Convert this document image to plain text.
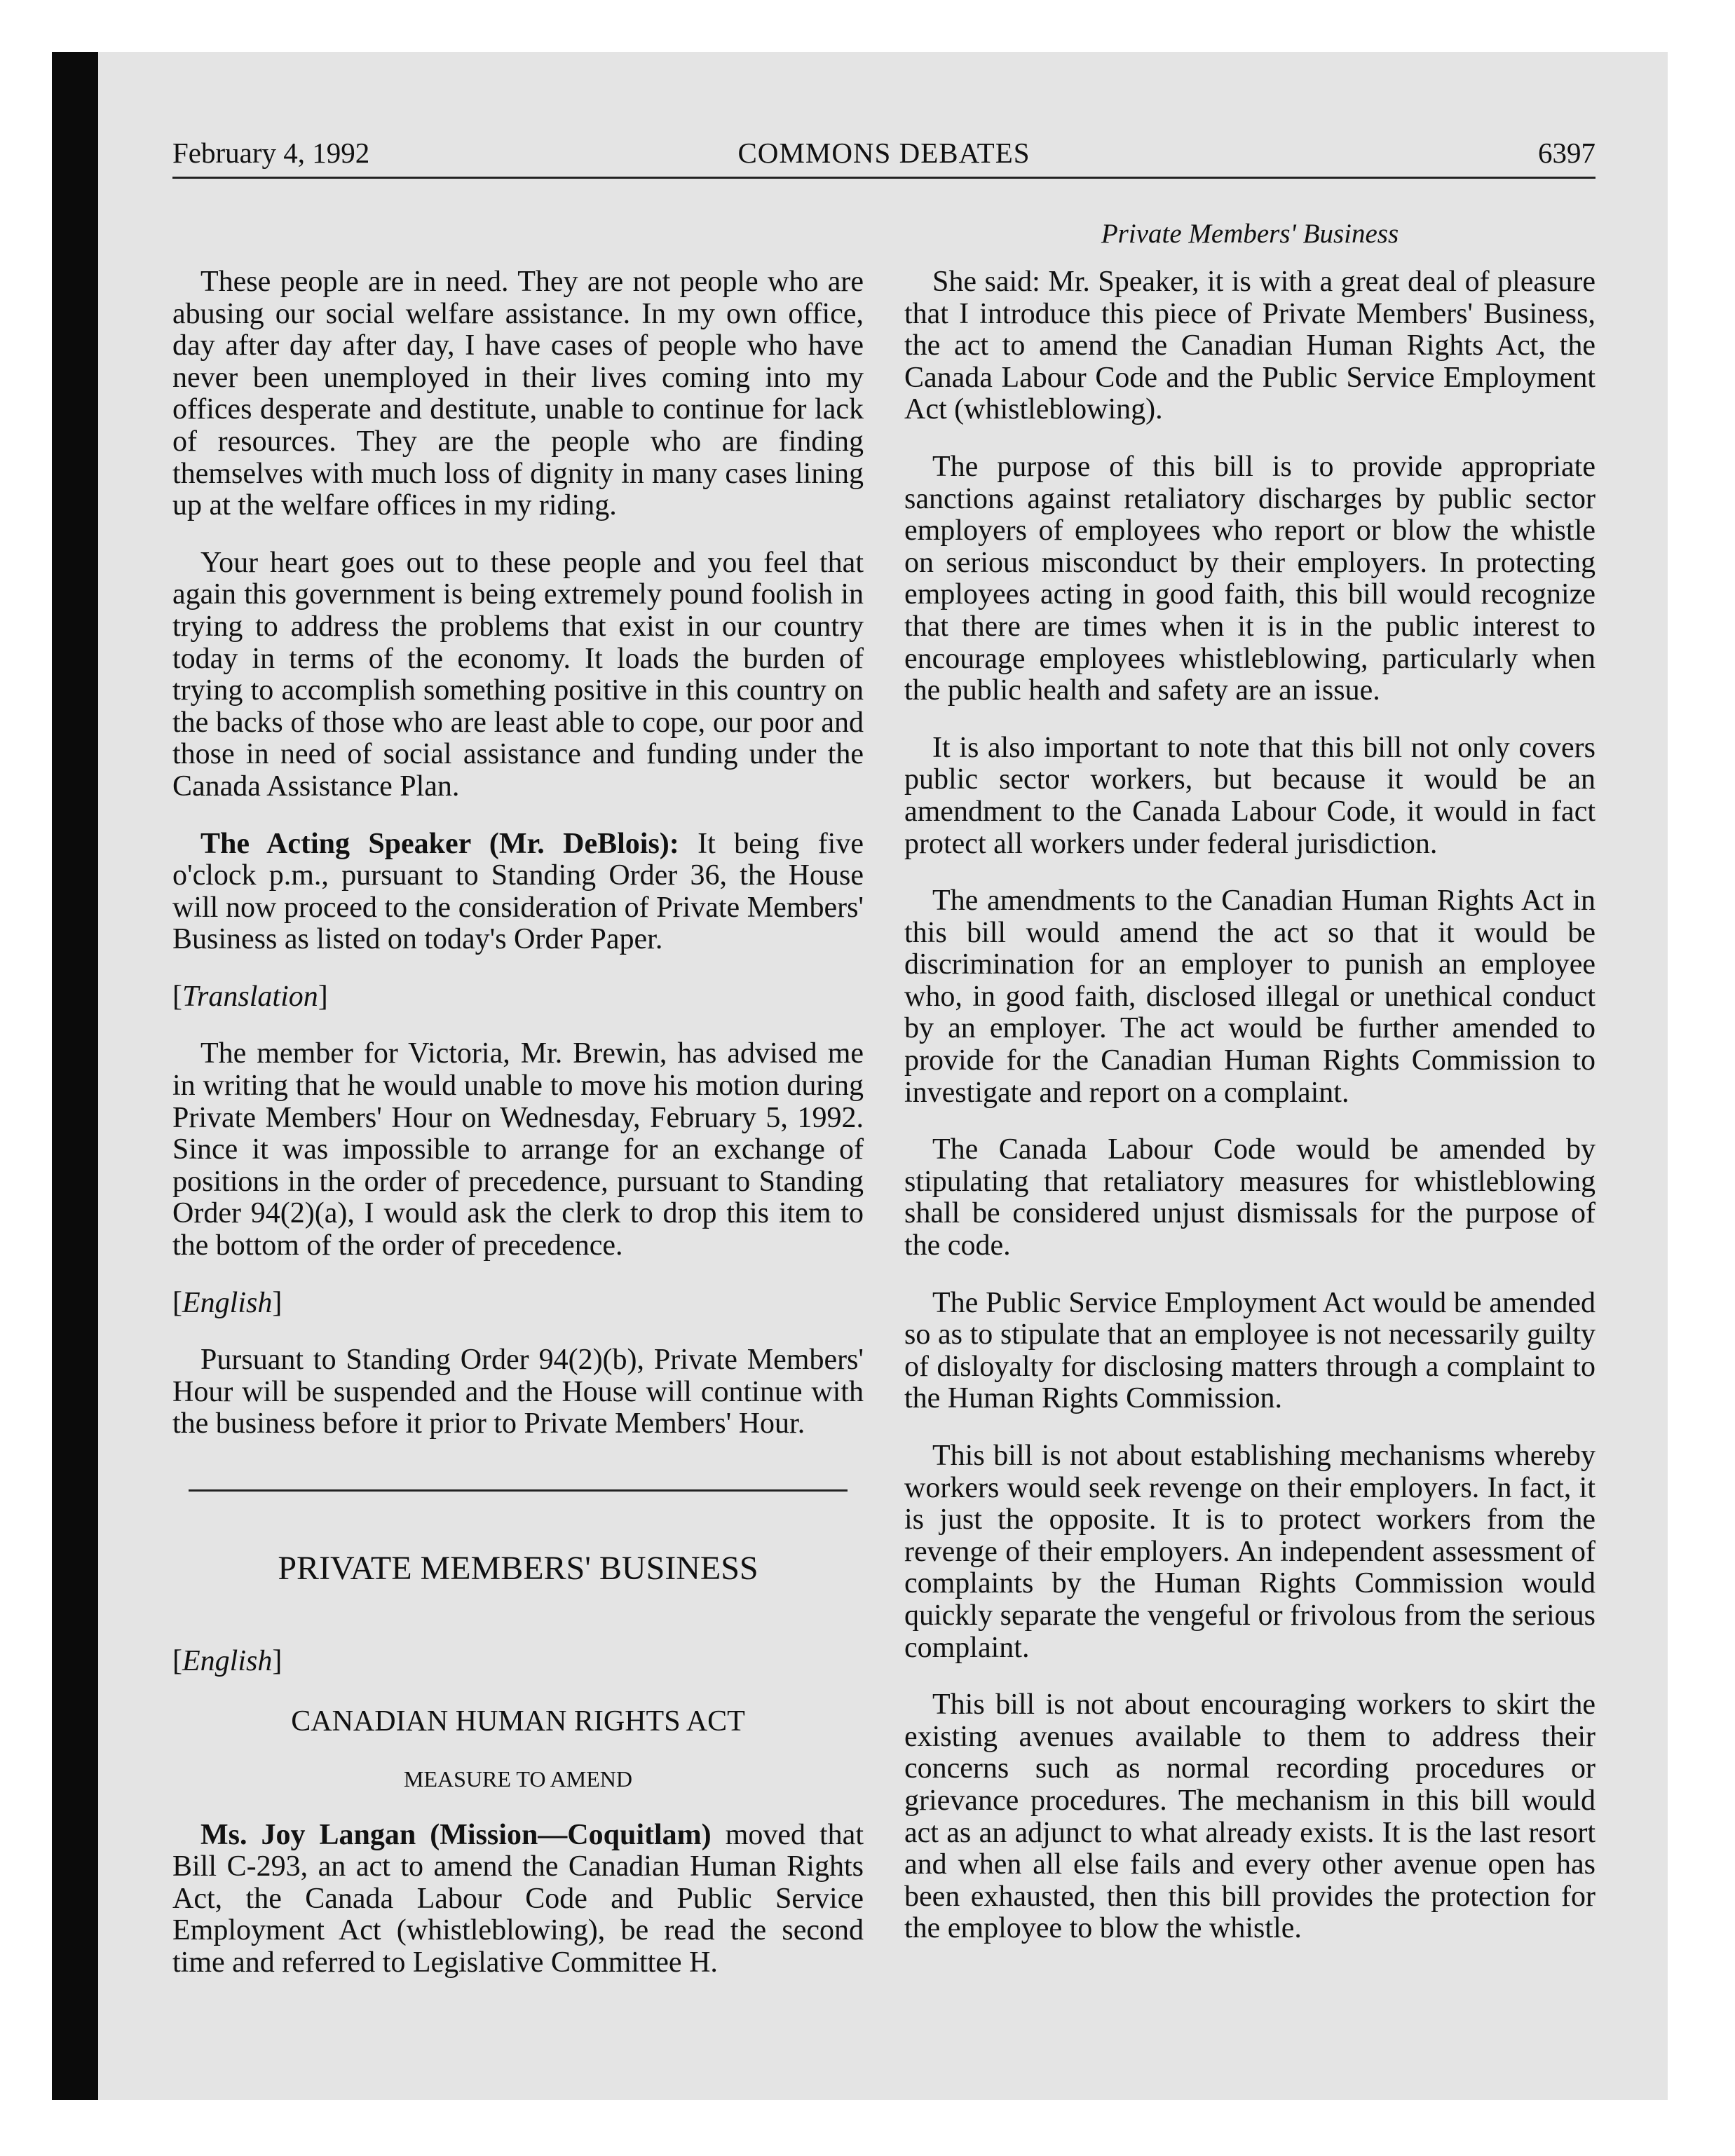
February 4, 1992	COMMONS DEBATES	6397
Private Members' Business

These people are in need. They are not people who are abusing our social welfare assistance. In my own office, day after day after day, I have cases of people who have never been unemployed in their lives coming into my offices desperate and destitute, unable to continue for lack of resources. They are the people who are finding themselves with much loss of dignity in many cases lining up at the welfare offices in my riding.

Your heart goes out to these people and you feel that again this government is being extremely pound foolish in trying to address the problems that exist in our country today in terms of the economy. It loads the burden of trying to accomplish something positive in this country on the backs of those who are least able to cope, our poor and those in need of social assistance and funding under the Canada Assistance Plan.

The Acting Speaker (Mr. DeBlois): It being five o'clock p.m., pursuant to Standing Order 36, the House will now proceed to the consideration of Private Members' Business as listed on today's Order Paper.

[Translation]

The member for Victoria, Mr. Brewin, has advised me in writing that he would unable to move his motion during Private Members' Hour on Wednesday, February 5, 1992. Since it was impossible to arrange for an exchange of positions in the order of precedence, pursuant to Standing Order 94(2)(a), I would ask the clerk to drop this item to the bottom of the order of precedence.

[English]

Pursuant to Standing Order 94(2)(b), Private Members' Hour will be suspended and the House will continue with the business before it prior to Private Members' Hour.

PRIVATE MEMBERS' BUSINESS
[English]
CANADIAN HUMAN RIGHTS ACT
MEASURE TO AMEND

Ms. Joy Langan (Mission—Coquitlam) moved that Bill C-293, an act to amend the Canadian Human Rights Act, the Canada Labour Code and Public Service Employment Act (whistleblowing), be read the second time and referred to Legislative Committee H.

She said: Mr. Speaker, it is with a great deal of pleasure that I introduce this piece of Private Members' Business, the act to amend the Canadian Human Rights Act, the Canada Labour Code and the Public Service Employment Act (whistleblowing).

The purpose of this bill is to provide appropriate sanctions against retaliatory discharges by public sector employers of employees who report or blow the whistle on serious misconduct by their employers. In protecting employees acting in good faith, this bill would recognize that there are times when it is in the public interest to encourage employees whistleblowing, particularly when the public health and safety are an issue.

It is also important to note that this bill not only covers public sector workers, but because it would be an amendment to the Canada Labour Code, it would in fact protect all workers under federal jurisdiction.

The amendments to the Canadian Human Rights Act in this bill would amend the act so that it would be discrimination for an employer to punish an employee who, in good faith, disclosed illegal or unethical conduct by an employer. The act would be further amended to provide for the Canadian Human Rights Commission to investigate and report on a complaint.

The Canada Labour Code would be amended by stipulating that retaliatory measures for whistleblowing shall be considered unjust dismissals for the purpose of the code.

The Public Service Employment Act would be amended so as to stipulate that an employee is not necessarily guilty of disloyalty for disclosing matters through a complaint to the Human Rights Commission.

This bill is not about establishing mechanisms whereby workers would seek revenge on their employers. In fact, it is just the opposite. It is to protect workers from the revenge of their employers. An independent assessment of complaints by the Human Rights Commission would quickly separate the vengeful or frivolous from the serious complaint.

This bill is not about encouraging workers to skirt the existing avenues available to them to address their concerns such as normal recording procedures or grievance procedures. The mechanism in this bill would act as an adjunct to what already exists. It is the last resort and when all else fails and every other avenue open has been exhausted, then this bill provides the protection for the employee to blow the whistle.
